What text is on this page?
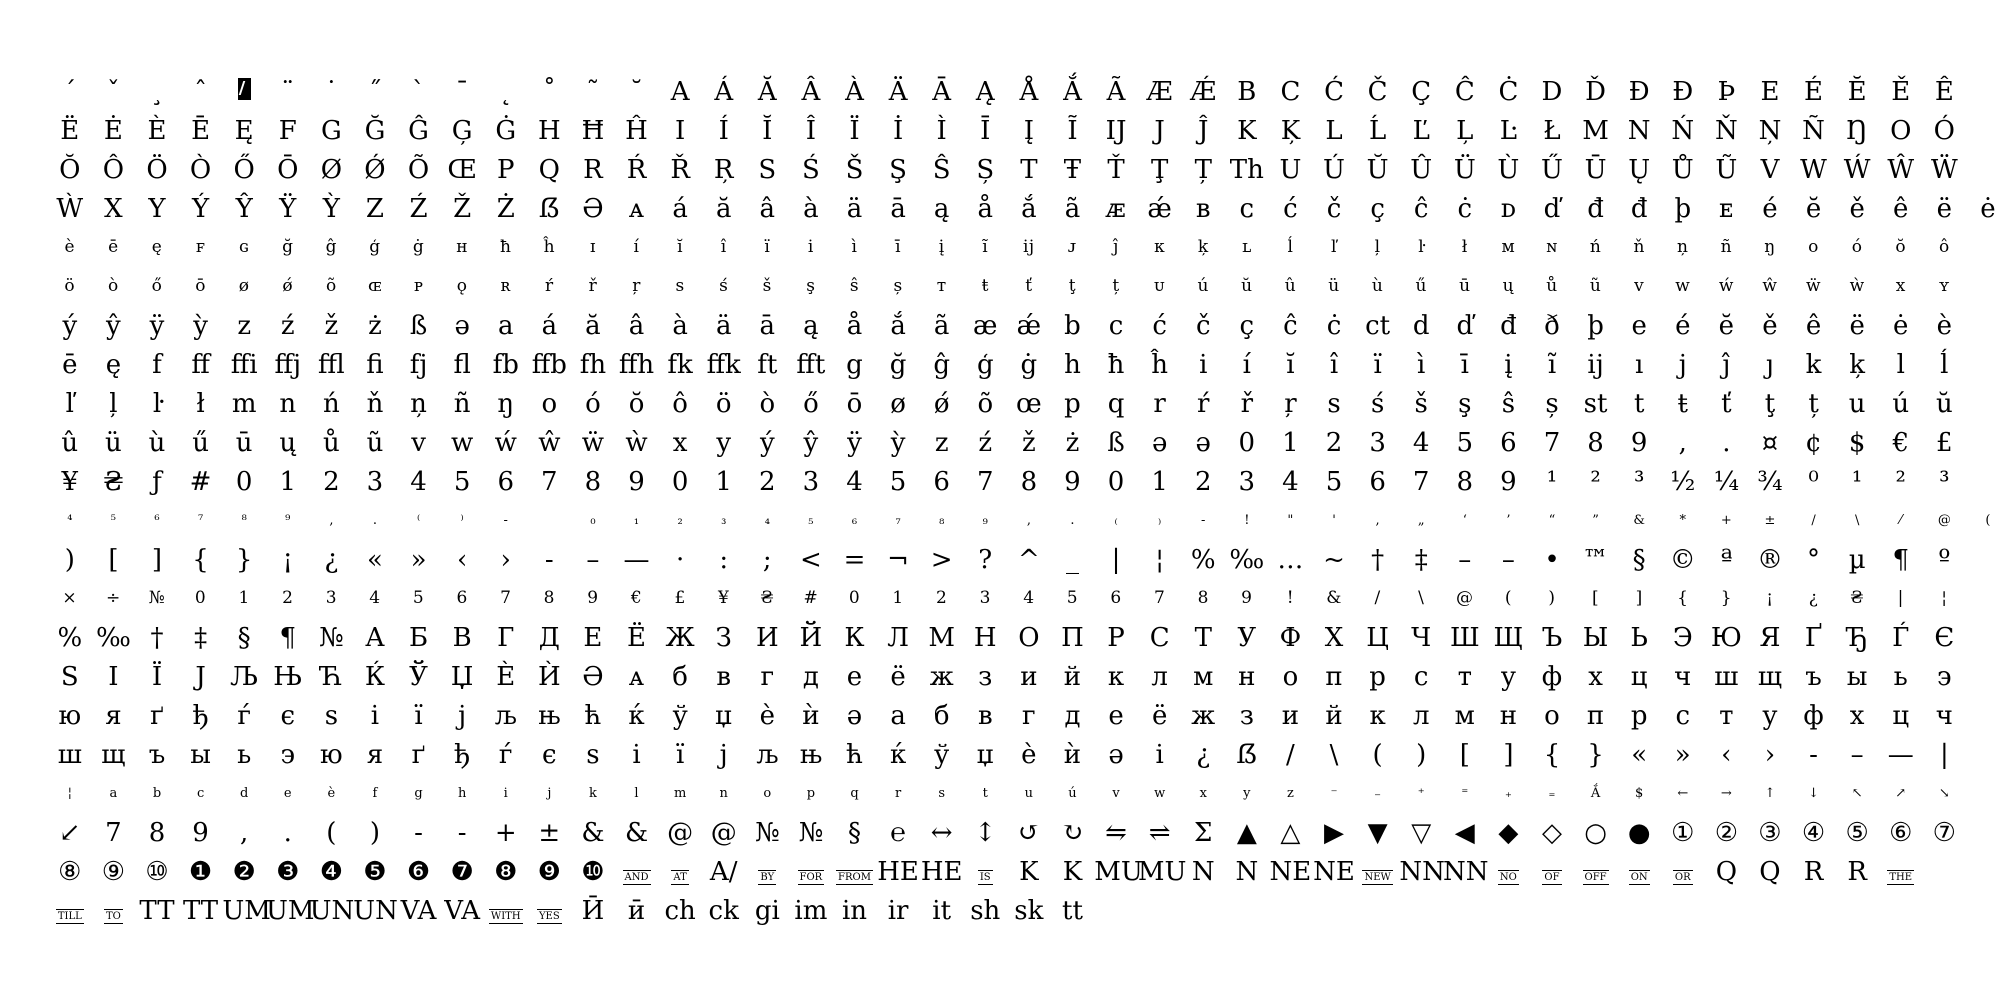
ˊ	ˇ	¸	ˆ	¨	˙	˝	ˋ	ˉ	˛	˚	˜	˘	A Á Ă Â À Ä Ā Ą Å Ắ Ã Æ Ǽ B C Ć Č Ç Ĉ Ċ D Ď Đ Đ Þ E É Ĕ Ě Ê
Ë Ė È Ē Ę F G Ğ Ĝ Ģ Ġ H Ħ Ĥ	I	Í	Ĭ	Î	Ï	İ	Ì	Ī	Į	Ĩ	Ĳ	J	Ĵ	K Ķ L	Ĺ	Ľ	Ļ	Ŀ	Ł M N Ń Ň Ņ Ñ Ŋ O Ó
Ŏ Ô Ö Ò Ő Ō Ø Ǿ Õ Œ P Q R Ŕ Ř Ŗ S Ś Š Ş Ŝ Ș	T	Ŧ	Ť	Ţ	Ț Th U Ú Ŭ Û Ü Ù Ű Ū Ų Ů Ũ V W Ẃ Ŵ Ẅ
Ẁ X Y	Ý	Ŷ	Ÿ	Ỳ Z Ź Ž Ż ẞ Ə ᴀ	á	ă	â	à	ä	ā	ą	å	ắ	ã ᴁ ǽ ʙ	ᴄ	ć	č	ç	ĉ	ċ	ᴅ	ď	đ	đ	þ	ᴇ	é	ĕ	ě	ê	ë	ė
è	ē	ę	ꜰ	ɢ	ğ	ĝ	ģ	ġ	ʜ	ħ	ĥ	ɪ	í	ĭ	î	ï	i	ì	ī	į	ĩ	ij	ᴊ	ĵ	ᴋ	ķ	ʟ	ĺ	ľ	ļ	ŀ	ł	ᴍ	ɴ	ń	ň	ņ	ñ	ŋ	ᴏ	ó	ŏ	ô
ö	ò	ő	ō	ø	ǿ	õ	ɶ	ᴘ	ǫ	ʀ	ŕ	ř	ŗ	s	ś	š	ş	ŝ	ș	ᴛ	ŧ	ť	ţ	ț	ᴜ	ú	ŭ	û	ü	ù	ű	ū	ų	ů	ũ	ᴠ	ᴡ	ẃ	ŵ	ẅ	ẁ	x	ʏ
ý	ŷ	ÿ	ỳ	ᴢ	ź	ž	ż	ß	ə	a	á	ă	â	à	ä	ā	ą	å	ắ	ã æ ǽ b	c	ć	č	ç	ĉ	ċ ct d	ď	đ	ð	þ	e	é	ĕ	ě	ê	ë	ė	è
ē	ę	f	ff ffi ffj ffl fi	fj	fl fb ffb fh ffh fk ffk ft fft g	ğ	ĝ	ģ	ġ	h	ħ	ĥ	i	í	ĭ	î	ï	ì	ī	į	ĩ	ij	ı	j	ĵ	ȷ	k	ķ	l	ĺ
ľ	ļ	ŀ	ł	m n	ń	ň	ņ	ñ	ŋ	o	ó	ŏ	ô	ö	ò	ő	ō	ø	ǿ	õ œ p	q	r	ŕ	ř	ŗ	s	ś	š	ş	ŝ	ș st	t	ŧ	ť	ţ	ț	u	ú	ŭ
û	ü	ù	ű	ū	ų	ů	ũ	v w ẃ ŵ ẅ ẁ x	y	ý	ŷ	ÿ	ỳ	z	ź	ž	ż	ß	ə	ə	0	1	2	3	4	5	6	7	8	9	,	.	¤	¢	$	€	£
¥ ₴	ƒ	# 0	1	2	3	4	5	6	7	8	9	0	1	2	3	4	5	6	7	8	9	0	1	2	3	4	5	6	7	8	9	¹	²	³ ½ ¼ ¾ ⁰	¹	²	³
⁴	⁵	⁶	⁷	⁸	⁹	‚	․	⁽	⁾	-	₀	₁	₂	₃	₄	₅	₆	₇	₈	₉	‚	․	₍	₎	-	!	"	'	,	„	‘	’	“	”	&	*	+	±	/	\	⁄	@	(
)	[	]	{	}	¡	¿	«	»	‹	›	-	– —	·	:	;	< = ¬ > ? ^	_	|	¦	% ‰ … ~	†	‡	–	–	• ™ § © ª ® °	µ	¶	º
×	÷	№	0	1	2	3	4	5	6	7	8	9	€	£	¥	₴	#	0	1	2	3	4	5	6	7	8	9	!	&	/	\	@	(	)	[	]	{	}	¡	¿	₴	|	¦
% ‰ †	‡	§	¶ № А Б В Г Д Е Ё Ж З И Й К Л М Н О П Р С Т У Ф Х Ц Ч Ш Щ Ъ Ы Ь Э Ю Я Ґ Ђ Ѓ Є
S	I	Ї	J Љ Њ Ћ Ќ Ў Џ Ѐ Ѝ Ә ᴀ	б	в	г	д	е	ё ж з	и	й	к	л м н	о	п	р	с	т	у ф	х	ц	ч ш щ ъ ы	ь	э
ю я	ґ	ђ	ѓ	є	ѕ	і	ї	ј	љ њ ћ	ќ	ў	џ	ѐ	ѝ	ә	а	б	в	г	д	е	ё ж з	и	й	к	л м н	о	п	р	с	т	у ф	х	ц	ч
ш щ ъ ы	ь	э ю я	ґ	ђ	ѓ	є	ѕ	і	ї	ј	љ њ ћ	ќ	ў	џ	ѐ	ѝ	ә	і	¿ ẞ	/	\	(	)	[	]	{	}	«	»	‹	›	-	– —	|
¦	a	b	c	d	e	è	f	g	h	i	j	k	l	m	n	o	p	q	r	s	t	u	ú	v	w	x	y	z	⁻	₋	⁺	⁼	₊	₌	Ắ	$	←	→	↑	↓	↖	↗	↘
↙ 7	8	9	,	.	(	)	-	-	+ ± & & @ @ № № §	℮ ↔ ↕ ↺ ↻ ⇋ ⇌ Σ ▲ △ ▶ ▼ ▽ ◀ ◆ ◇ ○ ● ① ② ③ ④ ⑤ ⑥ ⑦
⑧ ⑨ ⑩ ❶ ❷ ❸ ❹ ❺ ❻ ❼ ❽ ❾ ❿	AND	AT A/	BY	FOR	FROM HE HE	IS	K K MU
MU N N NE NE NEW NN
NN	NO	OF	OFF	ON	OR Q Q R R	THE
TILL	TO TT TT UM
UM
UN
UN VA VA	WITH	YES Ӣ ӣ ch ck gi im in ir it sh sk tt
